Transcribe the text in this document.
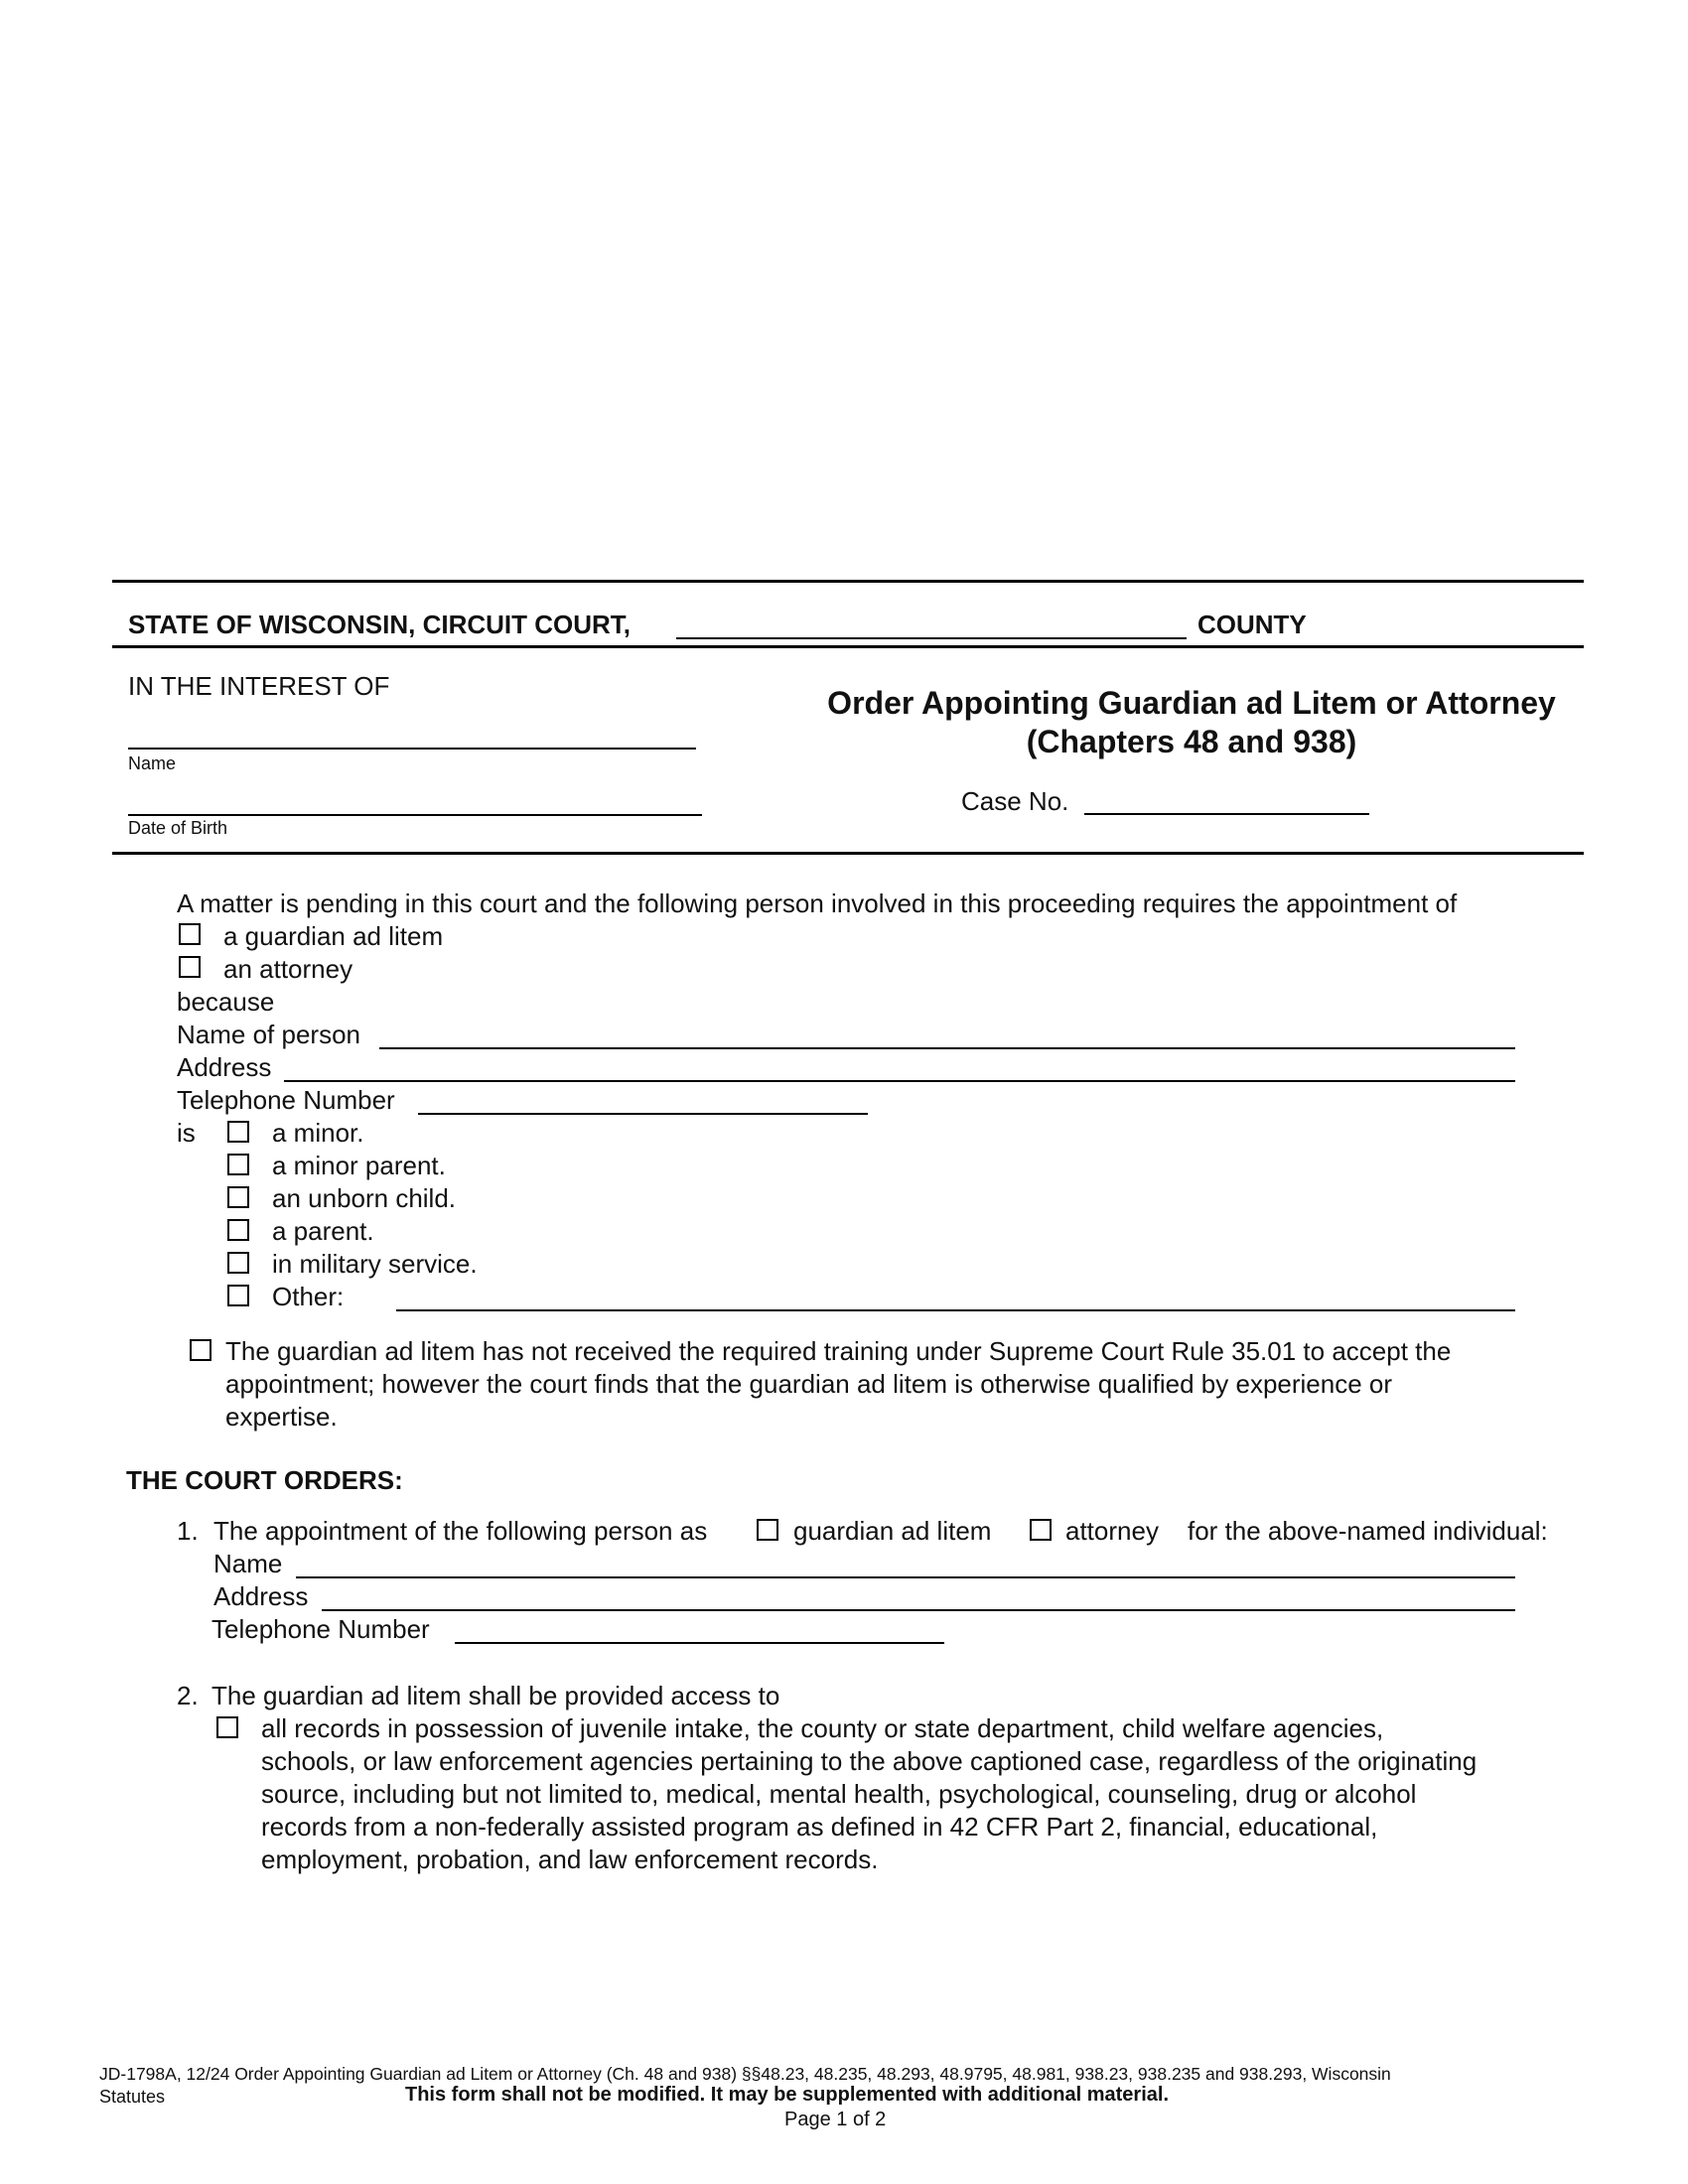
STATE OF WISCONSIN, CIRCUIT COURT,	COUNTY
IN THE INTEREST OF
Name
Date of Birth
Order Appointing Guardian ad Litem or Attorney
(Chapters 48 and 938)
Case No.
A matter is pending in this court and the following person involved in this proceeding requires the appointment of
a guardian ad litem
an attorney
because
Name of person
Address
Telephone Number
is	a minor.
a minor parent.
an unborn child.
a parent.
in military service.
Other:
The guardian ad litem has not received the required training under Supreme Court Rule 35.01 to accept the
appointment; however the court finds that the guardian ad litem is otherwise qualified by experience or
expertise.
THE COURT ORDERS:
1. The appointment of the following person as	guardian ad litem	attorney for the above-named individual:
Name
Address
Telephone Number
2. The guardian ad litem shall be provided access to
all records in possession of juvenile intake, the county or state department, child welfare agencies,
schools, or law enforcement agencies pertaining to the above captioned case, regardless of the originating
source, including but not limited to, medical, mental health, psychological, counseling, drug or alcohol
records from a non-federally assisted program as defined in 42 CFR Part 2, financial, educational,
employment, probation, and law enforcement records.
JD-1798A, 12/24 Order Appointing Guardian ad Litem or Attorney (Ch. 48 and 938) §§48.23, 48.235, 48.293, 48.9795, 48.981, 938.23, 938.235 and 938.293, Wisconsin
Statutes	This form shall not be modified. It may be supplemented with additional material.
Page 1 of 2
